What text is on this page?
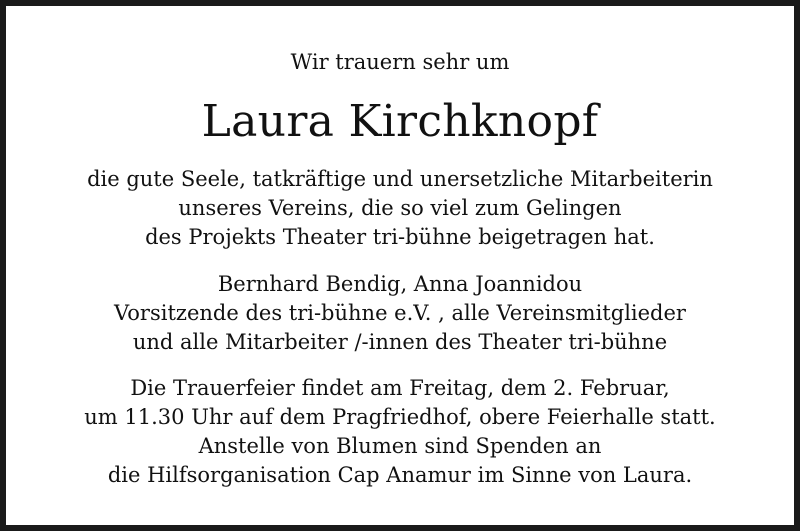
Wir trauern sehr um
Laura Kirchknopf
die gute Seele, tatkräftige und unersetzliche Mitarbeiterin
unseres Vereins, die so viel zum Gelingen
des Projekts Theater tri-bühne beigetragen hat.
Bernhard Bendig, Anna Joannidou
Vorsitzende des tri-bühne e.V. , alle Vereinsmitglieder
und alle Mitarbeiter /-innen des Theater tri-bühne
Die Trauerfeier findet am Freitag, dem 2. Februar,
um 11.30 Uhr auf dem Pragfriedhof, obere Feierhalle statt.
Anstelle von Blumen sind Spenden an
die Hilfsorganisation Cap Anamur im Sinne von Laura.
